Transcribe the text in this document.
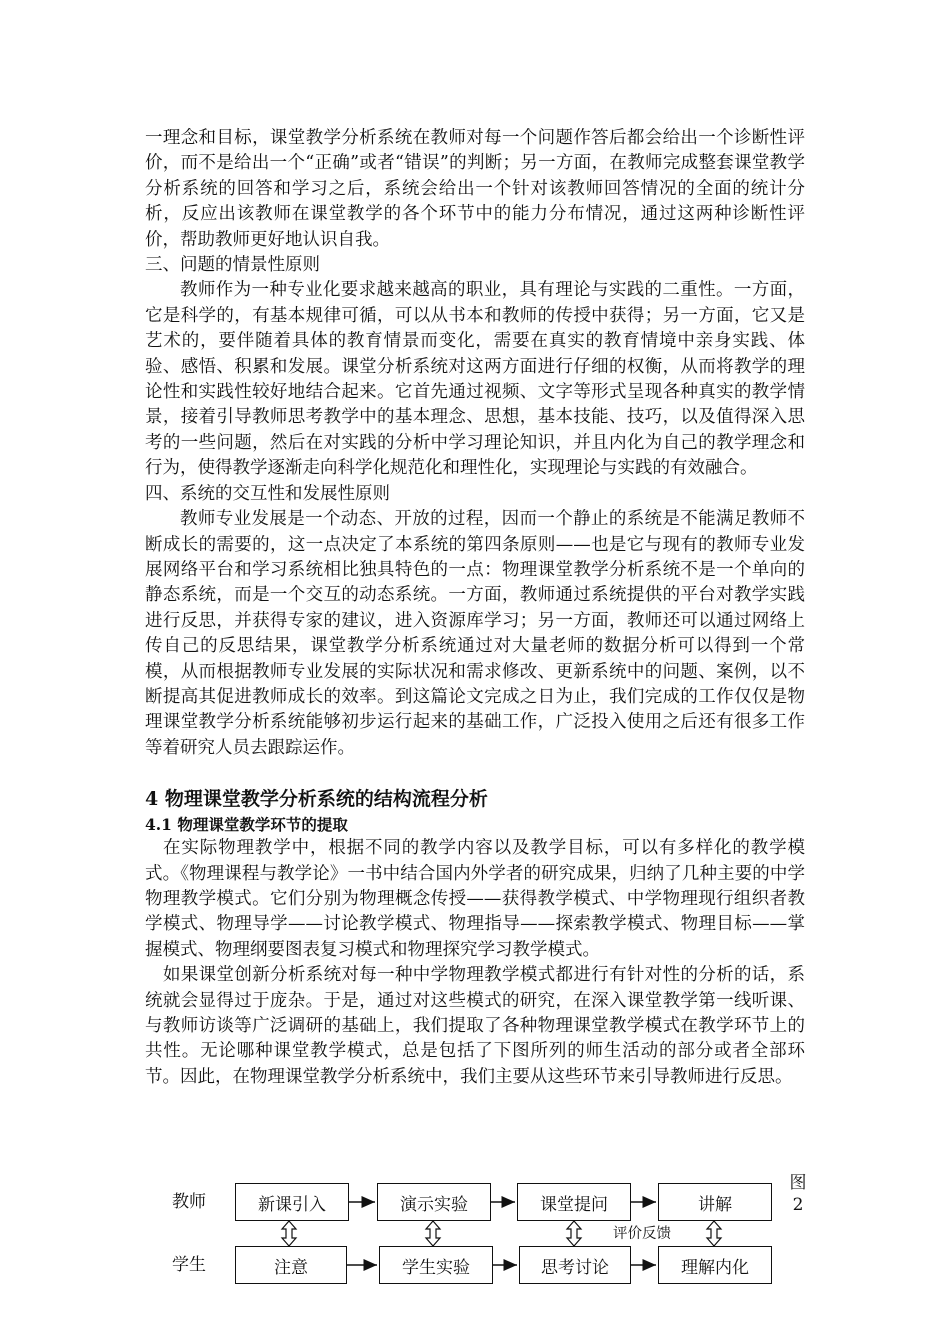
一理念和目标，课堂教学分析系统在教师对每一个问题作答后都会给出一个诊断性评价，而不是给出一个“正确”或者“错误”的判断；另一方面，在教师完成整套课堂教学分析系统的回答和学习之后，系统会给出一个针对该教师回答情况的全面的统计分析，反应出该教师在课堂教学的各个环节中的能力分布情况，通过这两种诊断性评价，帮助教师更好地认识自我。

三、问题的情景性原则

教师作为一种专业化要求越来越高的职业，具有理论与实践的二重性。一方面，它是科学的，有基本规律可循，可以从书本和教师的传授中获得；另一方面，它又是艺术的，要伴随着具体的教育情景而变化，需要在真实的教育情境中亲身实践、体验、感悟、积累和发展。课堂分析系统对这两方面进行仔细的权衡，从而将教学的理论性和实践性较好地结合起来。它首先通过视频、文字等形式呈现各种真实的教学情景，接着引导教师思考教学中的基本理念、思想，基本技能、技巧，以及值得深入思考的一些问题，然后在对实践的分析中学习理论知识，并且内化为自己的教学理念和行为，使得教学逐渐走向科学化规范化和理性化，实现理论与实践的有效融合。

四、系统的交互性和发展性原则

教师专业发展是一个动态、开放的过程，因而一个静止的系统是不能满足教师不断成长的需要的，这一点决定了本系统的第四条原则——也是它与现有的教师专业发展网络平台和学习系统相比独具特色的一点：物理课堂教学分析系统不是一个单向的静态系统，而是一个交互的动态系统。一方面，教师通过系统提供的平台对教学实践进行反思，并获得专家的建议，进入资源库学习；另一方面，教师还可以通过网络上传自己的反思结果，课堂教学分析系统通过对大量老师的数据分析可以得到一个常模，从而根据教师专业发展的实际状况和需求修改、更新系统中的问题、案例，以不断提高其促进教师成长的效率。到这篇论文完成之日为止，我们完成的工作仅仅是物理课堂教学分析系统能够初步运行起来的基础工作，广泛投入使用之后还有很多工作等着研究人员去跟踪运作。

4 物理课堂教学分析系统的结构流程分析

4.1 物理课堂教学环节的提取

在实际物理教学中，根据不同的教学内容以及教学目标，可以有多样化的教学模式。《物理课程与教学论》一书中结合国内外学者的研究成果，归纳了几种主要的中学物理教学模式。它们分别为物理概念传授——获得教学模式、中学物理现行组织者教学模式、物理导学——讨论教学模式、物理指导——探索教学模式、物理目标——掌握模式、物理纲要图表复习模式和物理探究学习教学模式。

如果课堂创新分析系统对每一种中学物理教学模式都进行有针对性的分析的话，系统就会显得过于庞杂。于是，通过对这些模式的研究，在深入课堂教学第一线听课、与教师访谈等广泛调研的基础上，我们提取了各种物理课堂教学模式在教学环节上的共性。无论哪种课堂教学模式，总是包括了下图所列的师生活动的部分或者全部环节。因此，在物理课堂教学分析系统中，我们主要从这些环节来引导教师进行反思。

教师
学生
新课引入	演示实验	课堂提问	讲解
注意	学生实验	思考讨论	理解内化
评价反馈
图2
